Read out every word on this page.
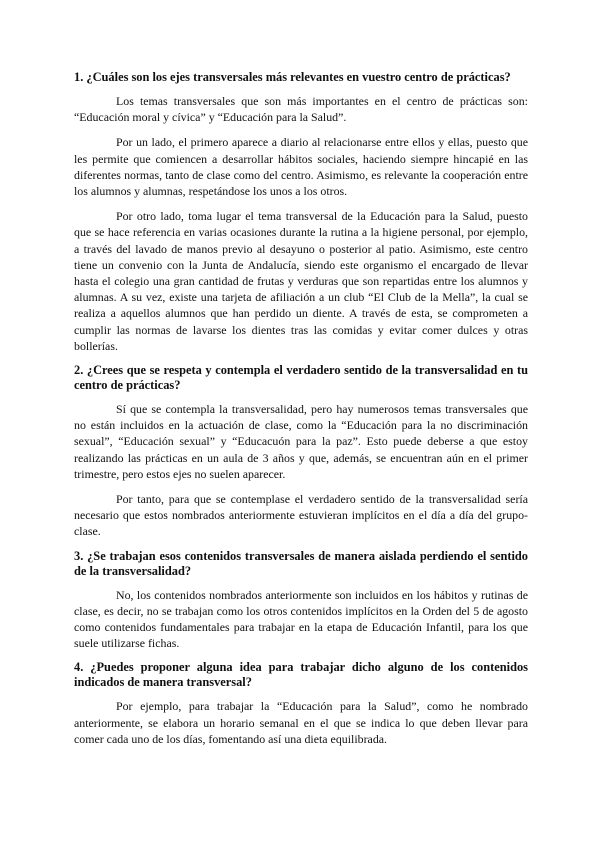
1. ¿Cuáles son los ejes transversales más relevantes en vuestro centro de prácticas?

Los temas transversales que son más importantes en el centro de prácticas son: “Educación moral y cívica” y “Educación para la Salud”.

Por un lado, el primero aparece a diario al relacionarse entre ellos y ellas, puesto que les permite que comiencen a desarrollar hábitos sociales, haciendo siempre hincapié en las diferentes normas, tanto de clase como del centro. Asimismo, es relevante la cooperación entre los alumnos y alumnas, respetándose los unos a los otros.

Por otro lado, toma lugar el tema transversal de la Educación para la Salud, puesto que se hace referencia en varias ocasiones durante la rutina a la higiene personal, por ejemplo, a través del lavado de manos previo al desayuno o posterior al patio. Asimismo, este centro tiene un convenio con la Junta de Andalucía, siendo este organismo el encargado de llevar hasta el colegio una gran cantidad de frutas y verduras que son repartidas entre los alumnos y alumnas. A su vez, existe una tarjeta de afiliación a un club “El Club de la Mella”, la cual se realiza a aquellos alumnos que han perdido un diente. A través de esta, se comprometen a cumplir las normas de lavarse los dientes tras las comidas y evitar comer dulces y otras bollerías.

2. ¿Crees que se respeta y contempla el verdadero sentido de la transversalidad en tu centro de prácticas?

Sí que se contempla la transversalidad, pero hay numerosos temas transversales que no están incluidos en la actuación de clase, como la “Educación para la no discriminación sexual”, “Educación sexual” y “Educacuón para la paz”. Esto puede deberse a que estoy realizando las prácticas en un aula de 3 años y que, además, se encuentran aún en el primer trimestre, pero estos ejes no suelen aparecer.

Por tanto, para que se contemplase el verdadero sentido de la transversalidad sería necesario que estos nombrados anteriormente estuvieran implícitos en el día a día del grupo-clase.

3. ¿Se trabajan esos contenidos transversales de manera aislada perdiendo el sentido de la transversalidad?

No, los contenidos nombrados anteriormente son incluidos en los hábitos y rutinas de clase, es decir, no se trabajan como los otros contenidos implícitos en la Orden del 5 de agosto como contenidos fundamentales para trabajar en la etapa de Educación Infantil, para los que suele utilizarse fichas.

4. ¿Puedes proponer alguna idea para trabajar dicho alguno de los contenidos indicados de manera transversal?

Por ejemplo, para trabajar la “Educación para la Salud”, como he nombrado anteriormente, se elabora un horario semanal en el que se indica lo que deben llevar para comer cada uno de los días, fomentando así una dieta equilibrada.
